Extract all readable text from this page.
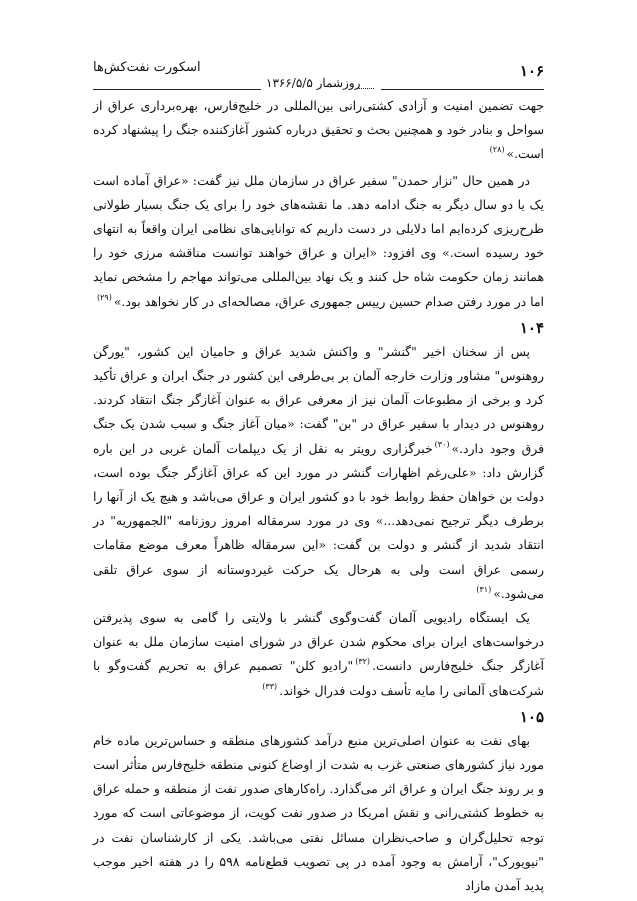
۱۰۶
روزشمار ۱۳۶۶/۵/۵
اسکورت نفت‌کش‌ها

جهت تضمین امنیت و آزادی کشتی‌رانی بین‌المللی در خلیج‌فارس، بهره‌برداری عراق از سواحل و بنادر خود و همچنین بحث و تحقیق درباره کشور آغازکننده جنگ را پیشنهاد کرده است.»$^{(۲۸)}$

در همین حال "نزار حمدن" سفیر عراق در سازمان ملل نیز گفت: «عراق آماده است یک یا دو سال دیگر به جنگ ادامه دهد. ما نقشه‌های خود را برای یک جنگ بسیار طولانی طرح‌ریزی کرده‌ایم اما دلایلی در دست داریم که توانایی‌های نظامی ایران واقعاً به انتهای خود رسیده است.» وی افزود: «ایران و عراق خواهند توانست مناقشه مرزی خود را همانند زمان حکومت شاه حل کنند و یک نهاد بین‌المللی می‌تواند مهاجم را مشخص نماید اما در مورد رفتن صدام حسین رییس جمهوری عراق، مصالحه‌ای در کار نخواهد بود.»$^{(۲۹)}$

۱۰۴

پس از سخنان اخیر "گنشر" و واکنش شدید عراق و حامیان این کشور، "یورگن روهنوس" مشاور وزارت خارجه آلمان بر بی‌طرفی این کشور در جنگ ایران و عراق تأکید کرد و برخی از مطبوعات آلمان نیز از معرفی عراق به عنوان آغازگر جنگ انتقاد کردند. روهنوس در دیدار با سفیر عراق در "بن" گفت: «میان آغاز جنگ و سبب شدن یک جنگ فرق وجود دارد.»$^{(۳۰)}$خبرگزاری رویتر به نقل از یک دیپلمات آلمان غربی در این باره گزارش داد: «علی‌رغم اظهارات گنشر در مورد این که عراق آغازگر جنگ بوده است، دولت بن خواهان حفظ روابط خود با دو کشور ایران و عراق می‌باشد و هیچ یک از آنها را برطرف دیگر ترجیح نمی‌دهد...» وی در مورد سرمقاله امروز روزنامه "الجمهوریه" در انتقاد شدید از گنشر و دولت بن گفت: «این سرمقاله ظاهراً معرف موضع مقامات رسمی عراق است ولی به هرحال یک حرکت غیردوستانه از سوی عراق تلقی می‌شود.»$^{(۳۱)}$

یک ایستگاه رادیویی آلمان گفت‌وگوی گنشر با ولایتی را گامی به سوی پذیرفتن درخواست‌های ایران برای محکوم شدن عراق در شورای امنیت سازمان ملل به عنوان آغازگر جنگ خلیج‌فارس دانست.$^{(۳۲)}$"رادیو کلن" تصمیم عراق به تحریم گفت‌وگو با شرکت‌های آلمانی را مایه تأسف دولت فدرال خواند.$^{(۳۳)}$

۱۰۵

بهای نفت به عنوان اصلی‌ترین منبع درآمد کشورهای منطقه و حساس‌ترین ماده خام مورد نیاز کشورهای صنعتی غرب به شدت از اوضاع کنونی منطقه خلیج‌فارس متأثر است و بر روند جنگ ایران و عراق اثر می‌گذارد. راه‌کارهای صدور نفت از منطقه و حمله عراق به خطوط کشتی‌رانی و نقش امریکا در صدور نفت کویت، از موضوعاتی است که مورد توجه تحلیل‌گران و صاحب‌نظران مسائل نفتی می‌باشد. یکی از کارشناسان نفت در "نیویورک"، آرامش به وجود آمده در پی تصویب قطع‌نامه ۵۹۸ را در هفته اخیر موجب پدید آمدن مازاد
